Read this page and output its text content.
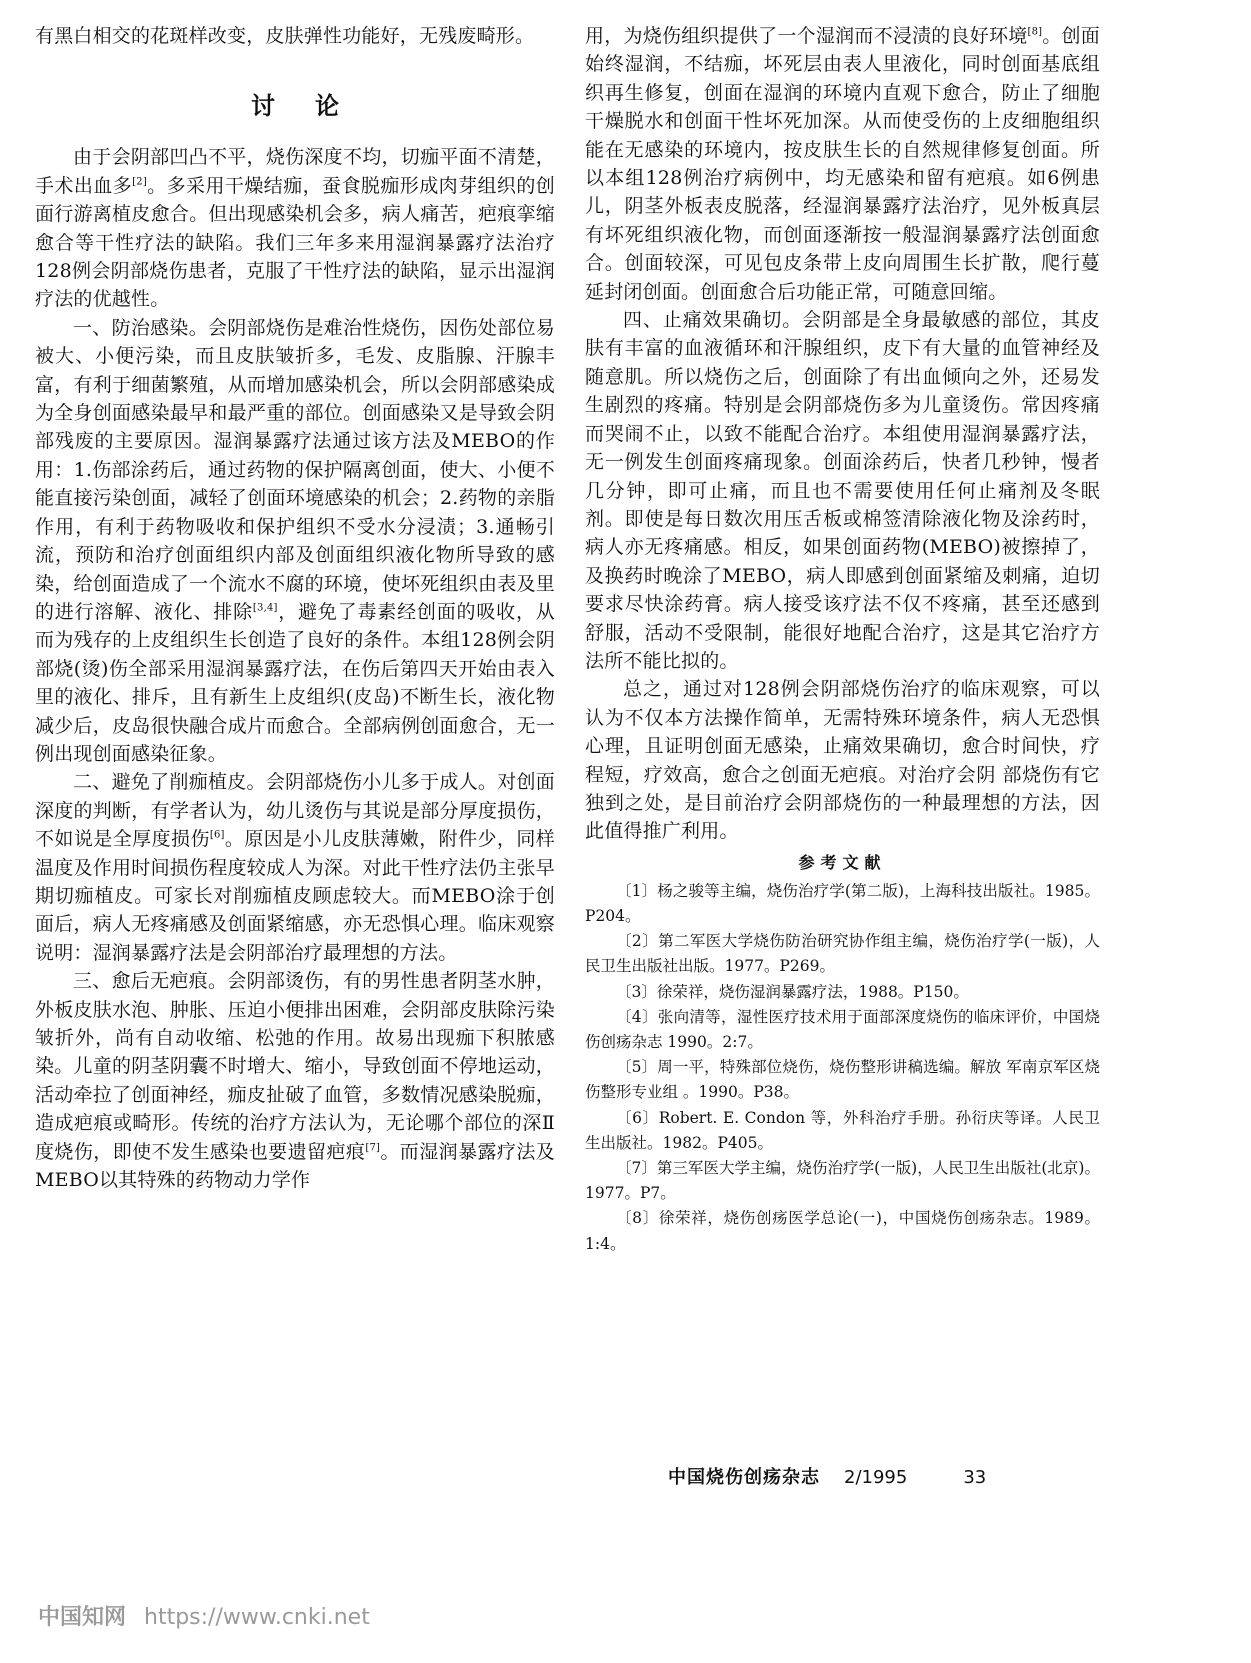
有黑白相交的花斑样改变，皮肤弹性功能好，无残废畸形。

讨论

由于会阴部凹凸不平，烧伤深度不均，切痂平面不清楚，手术出血多[2]。多采用干燥结痂，蚕食脱痂形成肉芽组织的创面行游离植皮愈合。但出现感染机会多，病人痛苦，疤痕挛缩愈合等干性疗法的缺陷。我们三年多来用湿润暴露疗法治疗128例会阴部烧伤患者，克服了干性疗法的缺陷，显示出湿润疗法的优越性。

一、防治感染。会阴部烧伤是难治性烧伤，因伤处部位易被大、小便污染，而且皮肤皱折多，毛发、皮脂腺、汗腺丰富，有利于细菌繁殖，从而增加感染机会，所以会阴部感染成为全身创面感染最早和最严重的部位。创面感染又是导致会阴部残废的主要原因。湿润暴露疗法通过该方法及MEBO的作用：1.伤部涂药后，通过药物的保护隔离创面，使大、小便不能直接污染创面，减轻了创面环境感染的机会；2.药物的亲脂作用，有利于药物吸收和保护组织不受水分浸渍；3.通畅引流，预防和治疗创面组织内部及创面组织液化物所导致的感染，给创面造成了一个流水不腐的环境，使坏死组织由表及里的进行溶解、液化、排除[3,4]，避免了毒素经创面的吸收，从而为残存的上皮组织生长创造了良好的条件。本组128例会阴部烧(烫)伤全部采用湿润暴露疗法，在伤后第四天开始由表入里的液化、排斥，且有新生上皮组织(皮岛)不断生长，液化物减少后，皮岛很快融合成片而愈合。全部病例创面愈合，无一例出现创面感染征象。

二、避免了削痂植皮。会阴部烧伤小儿多于成人。对创面深度的判断，有学者认为，幼儿烫伤与其说是部分厚度损伤，不如说是全厚度损伤[6]。原因是小儿皮肤薄嫩，附件少，同样温度及作用时间损伤程度较成人为深。对此干性疗法仍主张早期切痂植皮。可家长对削痂植皮顾虑较大。而MEBO涂于创面后，病人无疼痛感及创面紧缩感，亦无恐惧心理。临床观察说明：湿润暴露疗法是会阴部治疗最理想的方法。

三、愈后无疤痕。会阴部烫伤，有的男性患者阴茎水肿，外板皮肤水泡、肿胀、压迫小便排出困难，会阴部皮肤除污染皱折外，尚有自动收缩、松弛的作用。故易出现痂下积脓感染。儿童的阴茎阴囊不时增大、缩小，导致创面不停地运动，活动牵拉了创面神经，痂皮扯破了血管，多数情况感染脱痂，造成疤痕或畸形。传统的治疗方法认为，无论哪个部位的深Ⅱ度烧伤，即使不发生感染也要遗留疤痕[7]。而湿润暴露疗法及MEBO以其特殊的药物动力学作

用，为烧伤组织提供了一个湿润而不浸渍的良好环境[8]。创面始终湿润，不结痂，坏死层由表人里液化，同时创面基底组织再生修复，创面在湿润的环境内直观下愈合，防止了细胞干燥脱水和创面干性坏死加深。从而使受伤的上皮细胞组织能在无感染的环境内，按皮肤生长的自然规律修复创面。所以本组128例治疗病例中，均无感染和留有疤痕。如6例患儿，阴茎外板表皮脱落，经湿润暴露疗法治疗，见外板真层有坏死组织液化物，而创面逐渐按一般湿润暴露疗法创面愈合。创面较深，可见包皮条带上皮向周围生长扩散，爬行蔓延封闭创面。创面愈合后功能正常，可随意回缩。

四、止痛效果确切。会阴部是全身最敏感的部位，其皮肤有丰富的血液循环和汗腺组织，皮下有大量的血管神经及随意肌。所以烧伤之后，创面除了有出血倾向之外，还易发生剧烈的疼痛。特别是会阴部烧伤多为儿童烫伤。常因疼痛而哭闹不止，以致不能配合治疗。本组使用湿润暴露疗法，无一例发生创面疼痛现象。创面涂药后，快者几秒钟，慢者几分钟，即可止痛，而且也不需要使用任何止痛剂及冬眠剂。即使是每日数次用压舌板或棉签清除液化物及涂药时，病人亦无疼痛感。相反，如果创面药物(MEBO)被擦掉了，及换药时晚涂了MEBO，病人即感到创面紧缩及刺痛，迫切要求尽快涂药膏。病人接受该疗法不仅不疼痛，甚至还感到舒服，活动不受限制，能很好地配合治疗，这是其它治疗方法所不能比拟的。

总之，通过对128例会阴部烧伤治疗的临床观察，可以认为不仅本方法操作简单，无需特殊环境条件，病人无恐惧心理，且证明创面无感染，止痛效果确切，愈合时间快，疗程短，疗效高，愈合之创面无疤痕。对治疗会阴 部烧伤有它独到之处，是目前治疗会阴部烧伤的一种最理想的方法，因此值得推广利用。

参考文献

〔1〕杨之骏等主编，烧伤治疗学(第二版)，上海科技出版社。1985。P204。

〔2〕第二军医大学烧伤防治研究协作组主编，烧伤治疗学(一版)，人民卫生出版社出版。1977。P269。

〔3〕徐荣祥，烧伤湿润暴露疗法，1988。P150。

〔4〕张向清等，湿性医疗技术用于面部深度烧伤的临床评价，中国烧伤创疡杂志 1990。2:7。

〔5〕周一平，特殊部位烧伤，烧伤整形讲稿选编。解放 军南京军区烧伤整形专业组 。1990。P38。

〔6〕Robert. E. Condon 等，外科治疗手册。孙衍庆等译。人民卫生出版社。1982。P405。

〔7〕第三军医大学主编，烧伤治疗学(一版)，人民卫生出版社(北京)。1977。P7。

〔8〕徐荣祥，烧伤创疡医学总论(一)，中国烧伤创疡杂志。1989。1:4。

中国烧伤创疡杂志 2/1995	33
中国知网 https://www.cnki.net
